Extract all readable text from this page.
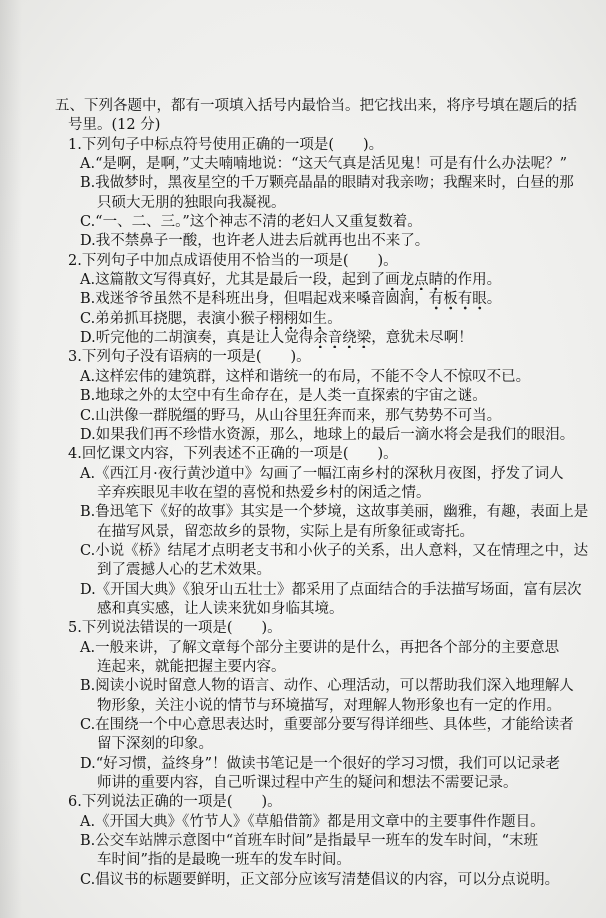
五、下列各题中，都有一项填入括号内最恰当。把它找出来，将序号填在题后的括
号里。(12 分)
1.下列句子中标点符号使用正确的一项是(　　)。
A.“是啊，是啊，”丈夫喃喃地说：“这天气真是活见鬼！可是有什么办法呢？”
B.我做梦时，黑夜星空的千万颗亮晶晶的眼睛对我亲吻；我醒来时，白昼的那
只硕大无朋的独眼向我凝视。
C.“一、二、三。”这个神志不清的老妇人又重复数着。
D.我不禁鼻子一酸，也许老人进去后就再也出不来了。
2.下列句子中加点成语使用不恰当的一项是(　　)。
A.这篇散文写得真好，尤其是最后一段，起到了画龙点睛的作用。
B.戏迷爷爷虽然不是科班出身，但唱起戏来嗓音圆润，有板有眼。
C.弟弟抓耳挠腮，表演小猴子栩栩如生。
D.听完他的二胡演奏，真是让人觉得余音绕梁，意犹未尽啊！
3.下列句子没有语病的一项是(　　)。
A.这样宏伟的建筑群，这样和谐统一的布局，不能不令人不惊叹不已。
B.地球之外的太空中有生命存在，是人类一直探索的宇宙之谜。
C.山洪像一群脱缰的野马，从山谷里狂奔而来，那气势势不可当。
D.如果我们再不珍惜水资源，那么，地球上的最后一滴水将会是我们的眼泪。
4.回忆课文内容，下列表述不正确的一项是(　　)。
A.《西江月·夜行黄沙道中》勾画了一幅江南乡村的深秋月夜图，抒发了词人
辛弃疾眼见丰收在望的喜悦和热爱乡村的闲适之情。
B.鲁迅笔下《好的故事》其实是一个梦境，这故事美丽，幽雅，有趣，表面上是
在描写风景，留恋故乡的景物，实际上是有所象征或寄托。
C.小说《桥》结尾才点明老支书和小伙子的关系，出人意料，又在情理之中，达
到了震撼人心的艺术效果。
D.《开国大典》《狼牙山五壮士》都采用了点面结合的手法描写场面，富有层次
感和真实感，让人读来犹如身临其境。
5.下列说法错误的一项是(　　)。
A.一般来讲，了解文章每个部分主要讲的是什么，再把各个部分的主要意思
连起来，就能把握主要内容。
B.阅读小说时留意人物的语言、动作、心理活动，可以帮助我们深入地理解人
物形象，关注小说的情节与环境描写，对理解人物形象也有一定的作用。
C.在围绕一个中心意思表达时，重要部分要写得详细些、具体些，才能给读者
留下深刻的印象。
D.“好习惯，益终身”！做读书笔记是一个很好的学习习惯，我们可以记录老
师讲的重要内容，自己听课过程中产生的疑问和想法不需要记录。
6.下列说法正确的一项是(　　)。
A.《开国大典》《竹节人》《草船借箭》都是用文章中的主要事件作题目。
B.公交车站牌示意图中“首班车时间”是指最早一班车的发车时间，“末班
车时间”指的是最晚一班车的发车时间。
C.倡议书的标题要鲜明，正文部分应该写清楚倡议的内容，可以分点说明。
